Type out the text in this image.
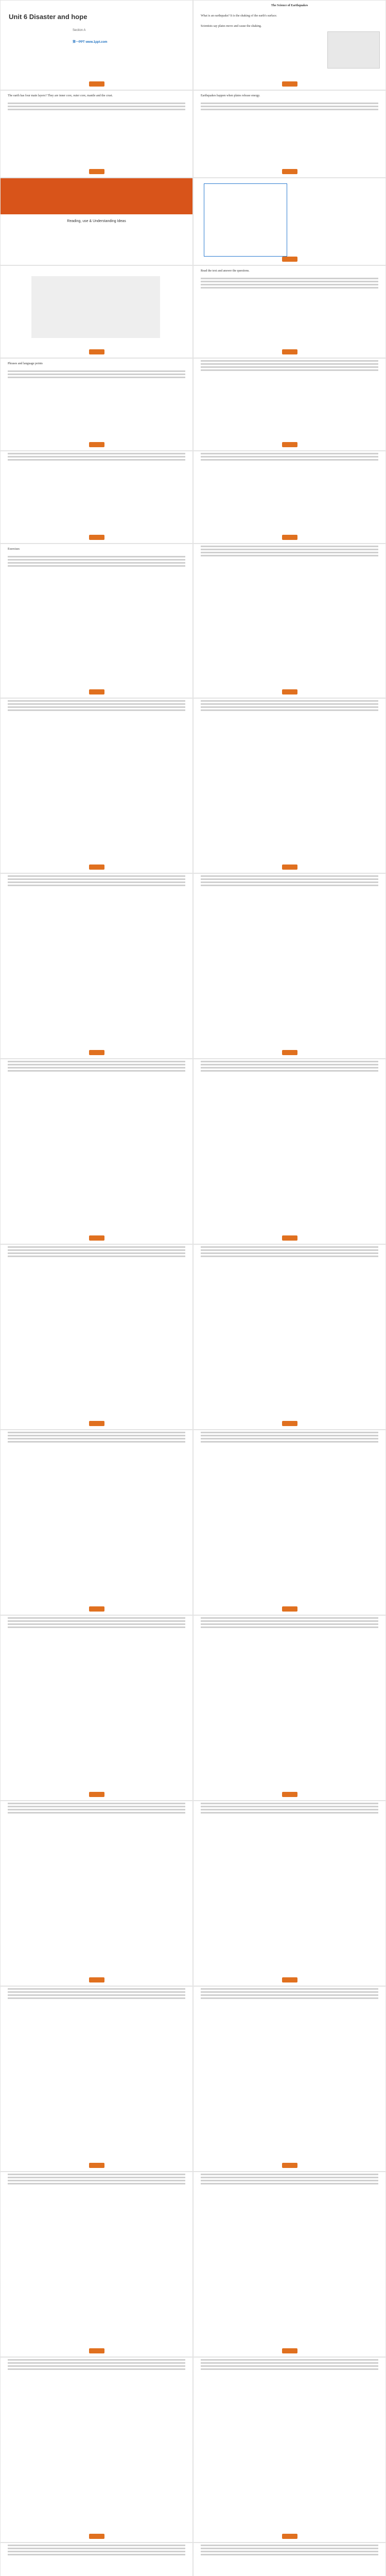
Unit 6 Disaster and hope
Section A
第一PPT www.1ppt.com
The Science of Earthquakes
What is an earthquake? It is the shaking of the earth's surface.
Scientists say plates move and cause the shaking.
The earth has four main layers? They are inner core, outer core, mantle and the crust.	Earthquakes happen when plates release energy.
Reading, use & Understanding Ideas
Read the text and answer the questions.
Phrases and language points
Exercises
